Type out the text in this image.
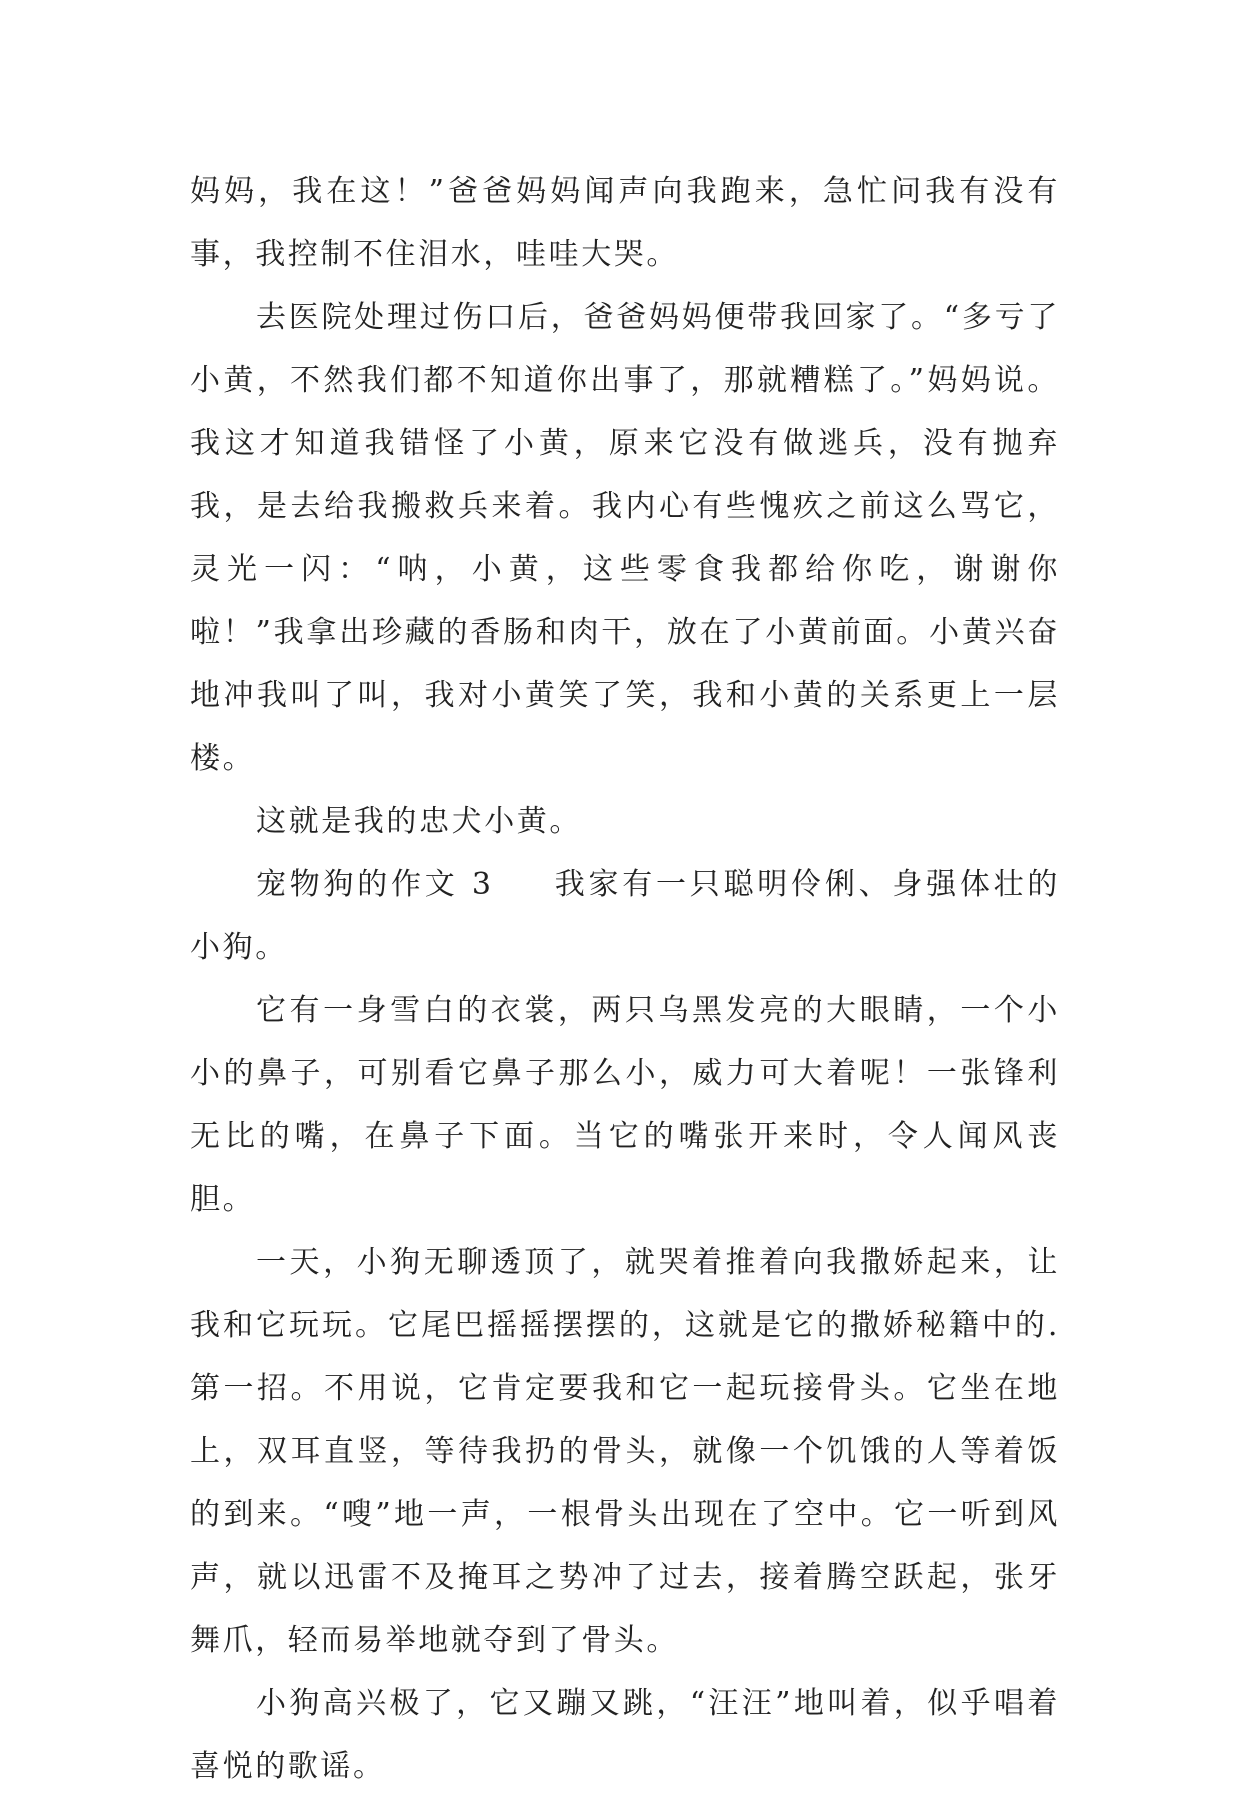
妈妈，我在这！”爸爸妈妈闻声向我跑来，急忙问我有没有事，我控制不住泪水，哇哇大哭。

去医院处理过伤口后，爸爸妈妈便带我回家了。“多亏了小黄，不然我们都不知道你出事了，那就糟糕了。”妈妈说。我这才知道我错怪了小黄，原来它没有做逃兵，没有抛弃我，是去给我搬救兵来着。我内心有些愧疚之前这么骂它，灵光一闪：“呐，小黄，这些零食我都给你吃，谢谢你啦！”我拿出珍藏的香肠和肉干，放在了小黄前面。小黄兴奋地冲我叫了叫，我对小黄笑了笑，我和小黄的关系更上一层楼。

这就是我的忠犬小黄。

宠物狗的作文 3 我家有一只聪明伶俐、身强体壮的小狗。

它有一身雪白的衣裳，两只乌黑发亮的大眼睛，一个小小的鼻子，可别看它鼻子那么小，威力可大着呢！一张锋利无比的嘴，在鼻子下面。当它的嘴张开来时，令人闻风丧胆。

一天，小狗无聊透顶了，就哭着推着向我撒娇起来，让我和它玩玩。它尾巴摇摇摆摆的，这就是它的撒娇秘籍中的.第一招。不用说，它肯定要我和它一起玩接骨头。它坐在地上，双耳直竖，等待我扔的骨头，就像一个饥饿的人等着饭的到来。“嗖”地一声，一根骨头出现在了空中。它一听到风声，就以迅雷不及掩耳之势冲了过去，接着腾空跃起，张牙舞爪，轻而易举地就夺到了骨头。

小狗高兴极了，它又蹦又跳，“汪汪”地叫着，似乎唱着喜悦的歌谣。
